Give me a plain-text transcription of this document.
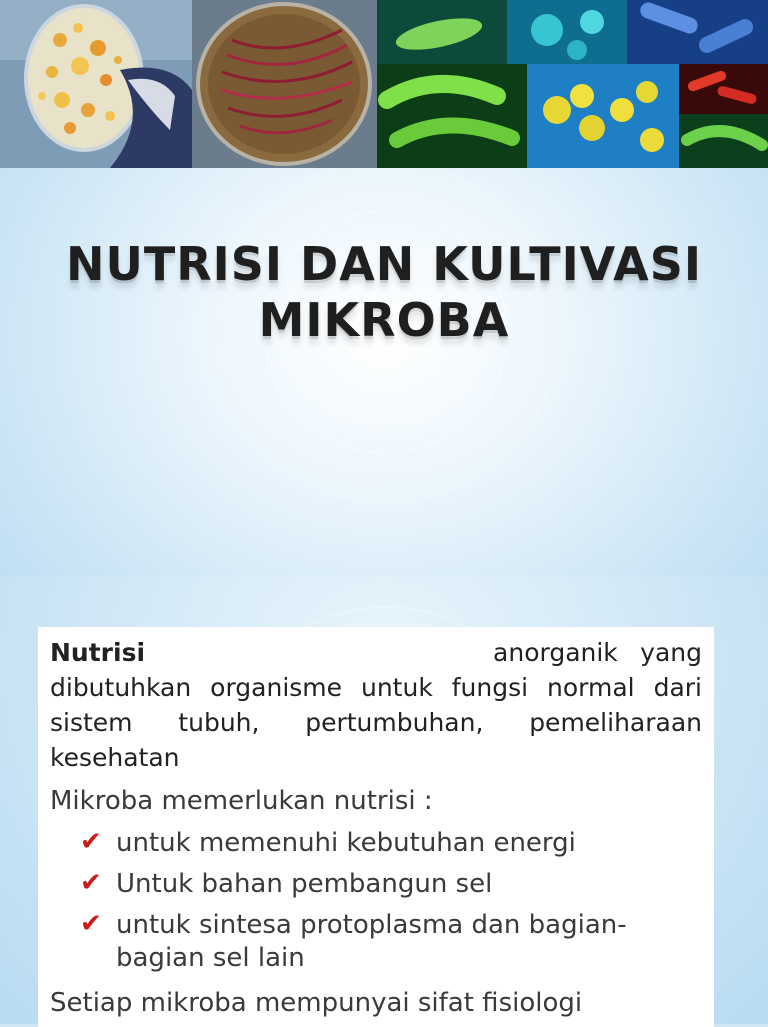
NUTRISI DAN KULTIVASI
MIKROBA

Nutrisi	anorganik yang dibutuhkan organisme untuk fungsi normal dari sistem tubuh, pertumbuhan, pemeliharaan kesehatan

Mikroba memerlukan nutrisi :
✔ untuk memenuhi kebutuhan energi
✔ Untuk bahan pembangun sel
✔ untuk sintesa protoplasma dan bagian-bagian sel lain
Setiap mikroba mempunyai sifat fisiologi
